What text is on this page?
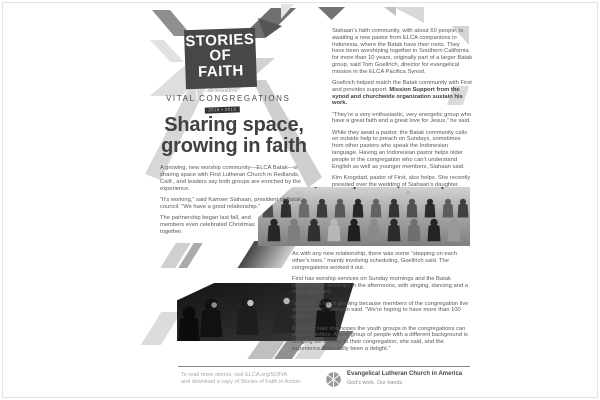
STORIES
OF FAITH
IN ACTION
2018 • 2019
VITAL CONGREGATIONS
Sharing space,
growing in faith

A growing, new worship community—ELCA Batak—is sharing space with First Lutheran Church in Redlands, Calif., and leaders say both groups are enriched by the experience.

“It’s working,” said Kamser Siahaan, president of Batak’s council. “We have a good relationship.”

The partnership began last fall, and members even celebrated Christmas together.

Siahaan’s faith community, with about 60 people, is awaiting a new pastor from ELCA companions in Indonesia, where the Batak have their roots. They have been worshiping together in Southern California for more than 10 years, originally part of a larger Batak group, said Tom Goellrich, director for evangelical mission in the ELCA Pacifica Synod.

Goellrich helped match the Batak community with First and provides support. Mission Support from the synod and churchwide organization sustain his work.

“They’re a very enthusiastic, very energetic group who have a great faith and a great love for Jesus,” he said.

While they await a pastor, the Batak community calls on outside help to preach on Sundays, sometimes from other pastors who speak the Indonesian language. Having an Indonesian pastor helps older people in the congregation who can’t understand English as well as younger members, Siahaan said.

Kim Krogstad, pastor of First, also helps. She recently presided over the wedding of Siahaan’s daughter.

As with any new relationship, there was some “stepping on each other’s toes,” mainly involving scheduling, Goellrich said. The congregations worked it out.

First has worship services on Sunday mornings and the Batak congregation worships in the afternoons, with singing, dancing and a meal afterward.

“We have a lot of growing because members of the congregation live around here,” Siahaan said. “We’re hoping to have more than 100 people.”

Krogstad said she hopes the youth groups in the congregations can share activities. A new group of people with a different background is bringing life and joy to their congregation, she said, and the experience “has really been a delight.”

To read more stories, visit ELCA.org/SOFIA
and download a copy of Stories of Faith in Action.
Evangelical Lutheran Church in America
God’s work. Our hands.
